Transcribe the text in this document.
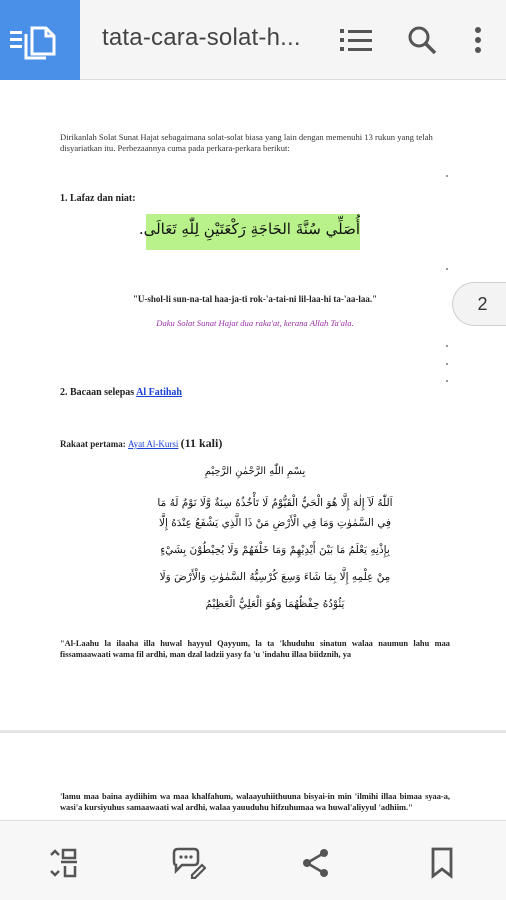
tata-cara-solat-h...
Dirikanlah Solat Sunat Hajat sebagaimana solat-solat biasa yang lain dengan memenuhi 13 rukun yang telah disyariatkan itu. Perbezaannya cuma pada perkara-perkara berikut:
1. Lafaz dan niat:
أُصَلِّي سُنَّةَ الحَاجَةِ رَكْعَتَيْنِ لِلّٰهِ تَعَالَى.
"U-shol-li sun-na-tal haa-ja-ti rok-'a-tai-ni lil-laa-hi ta-'aa-laa."
Daku Solat Sunat Hajat dua raka'at, kerana Allah Ta'ala.
2. Bacaan selepas Al Fatihah
Rakaat pertama: Ayat Al-Kursi (11 kali)
بِسْمِ اللّٰهِ الرَّحْمٰنِ الرَّحِيْمِ
اَللّٰهُ لَآ إِلٰهَ إِلَّا هُوَ الْحَيُّ الْقَيُّوْمُ لَا تَأْخُذُهُ سِنَةٌ وَّلَا نَوْمٌ لَهُ مَا
فِي السَّمٰوٰتِ وَمَا فِي الْأَرْضِ مَنْ ذَا الَّذِي يَشْفَعُ عِنْدَهُ إِلَّا
بِإِذْنِهِ يَعْلَمُ مَا بَيْنَ أَيْدِيْهِمْ وَمَا خَلْفَهُمْ وَلَا يُحِيْطُوْنَ بِشَيْءٍ
مِنْ عِلْمِهِ إِلَّا بِمَا شَاءَ وَسِعَ كُرْسِيُّهُ السَّمٰوٰتِ وَالْأَرْضَ وَلَا
يَئُوْدُهُ حِفْظُهُمَا وَهُوَ الْعَلِيُّ الْعَظِيْمُ
"Al-Laahu la ilaaha illa huwal hayyul Qayyum, la ta 'khuduhu sinatun walaa naumun lahu maa fissamaawaati wama fil ardhi, man dzal ladzii yasy fa 'u 'indahu illaa biidznih, ya
'lamu maa baina aydiihim wa maa khalfahum, walaayuhiithuuna bisyai-in min 'ilmihi illaa bimaa syaa-a, wasi'a kursiyuhus samaawaati wal ardhi, walaa yauuduhu hifzuhumaa wa huwal'aliyyul 'adhiim."
2
